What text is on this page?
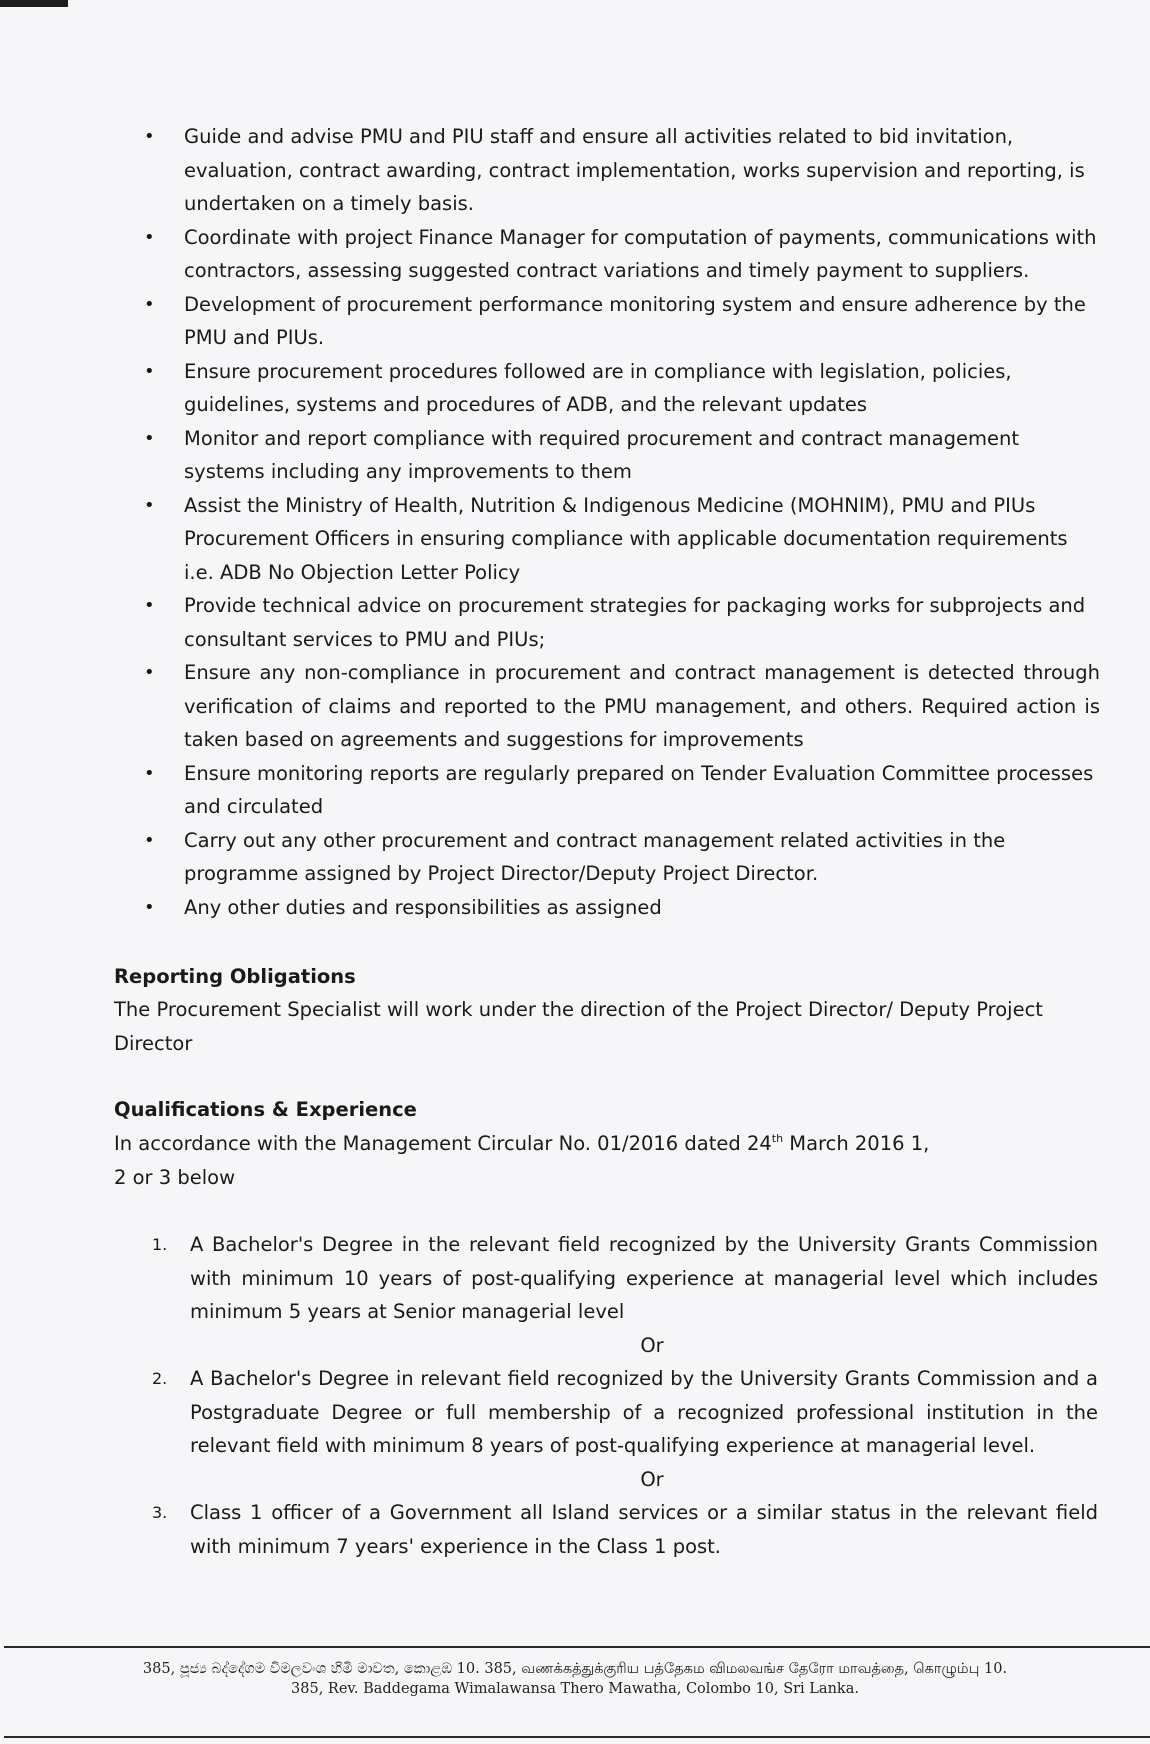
• Guide and advise PMU and PIU staff and ensure all activities related to bid invitation, evaluation, contract awarding, contract implementation, works supervision and reporting, is undertaken on a timely basis.
• Coordinate with project Finance Manager for computation of payments, communications with contractors, assessing suggested contract variations and timely payment to suppliers.
• Development of procurement performance monitoring system and ensure adherence by the PMU and PIUs.
• Ensure procurement procedures followed are in compliance with legislation, policies, guidelines, systems and procedures of ADB, and the relevant updates
• Monitor and report compliance with required procurement and contract management systems including any improvements to them
• Assist the Ministry of Health, Nutrition & Indigenous Medicine (MOHNIM), PMU and PIUs Procurement Officers in ensuring compliance with applicable documentation requirements i.e. ADB No Objection Letter Policy
• Provide technical advice on procurement strategies for packaging works for subprojects and consultant services to PMU and PIUs;
• Ensure any non-compliance in procurement and contract management is detected through verification of claims and reported to the PMU management, and others. Required action is taken based on agreements and suggestions for improvements
• Ensure monitoring reports are regularly prepared on Tender Evaluation Committee processes and circulated
• Carry out any other procurement and contract management related activities in the programme assigned by Project Director/Deputy Project Director.
• Any other duties and responsibilities as assigned
Reporting Obligations
The Procurement Specialist will work under the direction of the Project Director/ Deputy Project Director
Qualifications & Experience
In accordance with the Management Circular No. 01/2016 dated 24th March 2016 1, 2 or 3 below
1. A Bachelor's Degree in the relevant field recognized by the University Grants Commission with minimum 10 years of post-qualifying experience at managerial level which includes minimum 5 years at Senior managerial level
Or
2. A Bachelor's Degree in relevant field recognized by the University Grants Commission and a Postgraduate Degree or full membership of a recognized professional institution in the relevant field with minimum 8 years of post-qualifying experience at managerial level.
Or
3. Class 1 officer of a Government all Island services or a similar status in the relevant field with minimum 7 years' experience in the Class 1 post.
385, පූජ්‍ය බද්දේගම විමලවංශ හිමි මාවත, කොළඹ 10. 385, வணக்கத்துக்குரிய பத்தேகம விமலவங்ச தேரோ மாவத்தை, கொழும்பு 10.
385, Rev. Baddegama Wimalawansa Thero Mawatha, Colombo 10, Sri Lanka.
